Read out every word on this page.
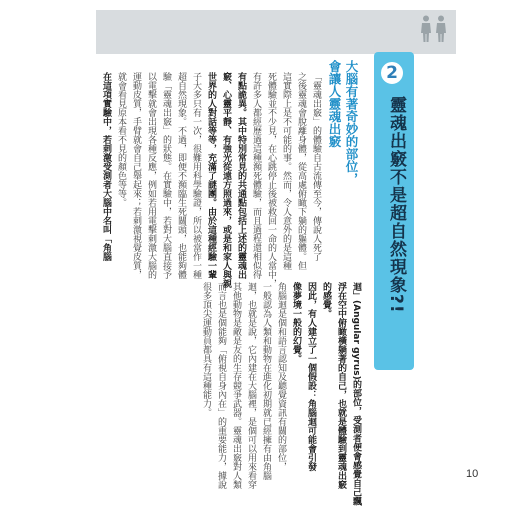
2

靈魂出竅不是超自然現象?!

大腦有著奇妙的部位，
會讓人靈魂出竅
「靈魂出竅」的體驗自古流傳至今，傳說人死了
之後靈魂會脫離身體，從高處俯瞰下躺的軀體。但
這實際上是不可能的事。然而，令人意外的是這種
死體驗並不少見，在心跳停止後被救回一命的人當中，
有許多人都經歷過這種瀕死體驗，而且過程還相似得
有點詭異。其中特別常見的共通點包括上述的靈魂出
竅、心靈平靜、有強光從遠方照過來，或是和家人與親
世界的人對話等等，充滿了謎團。由於這種經驗一輩
子大多只有一次，很難用科學驗證，所以被當作一種
超自然現象。不過，即便不瀕臨生死關頭，也能夠體
驗「靈魂出竅」的狀態。在實驗中，若對大腦直接予
以電擊就會出現各種反應，例如若用電擊刺激大腦的
運動皮質，手臂就會自己舉起來；若刺激視覺皮質，
就會看見原本看不見的顏色等等。
在這項實驗中，若刺激受測者大腦中名叫「角腦
迴」(Angular gyrus)的部位，受測者便會感覺自己飄
浮在空中俯瞰橫躺著的自己，也就是體驗到靈魂出竅
的感覺。
因此，有人建立了一個假設：角腦迴可能會引發
像夢境一般的幻覺。
角腦迴是個和語言認知及聽覺資訊有關的部位，
一般認為人類和動物在進化初期就已經擁有由角腦
迴，也就是說，它內建在大腦裡，是個可以用來看穿
其他動物是敵是友的生存競爭武器。靈魂出竅對人類
而言也是個能夠「俯視自身內在」的重要能力，據說
很多頂尖運動員都具有這種能力。
10
